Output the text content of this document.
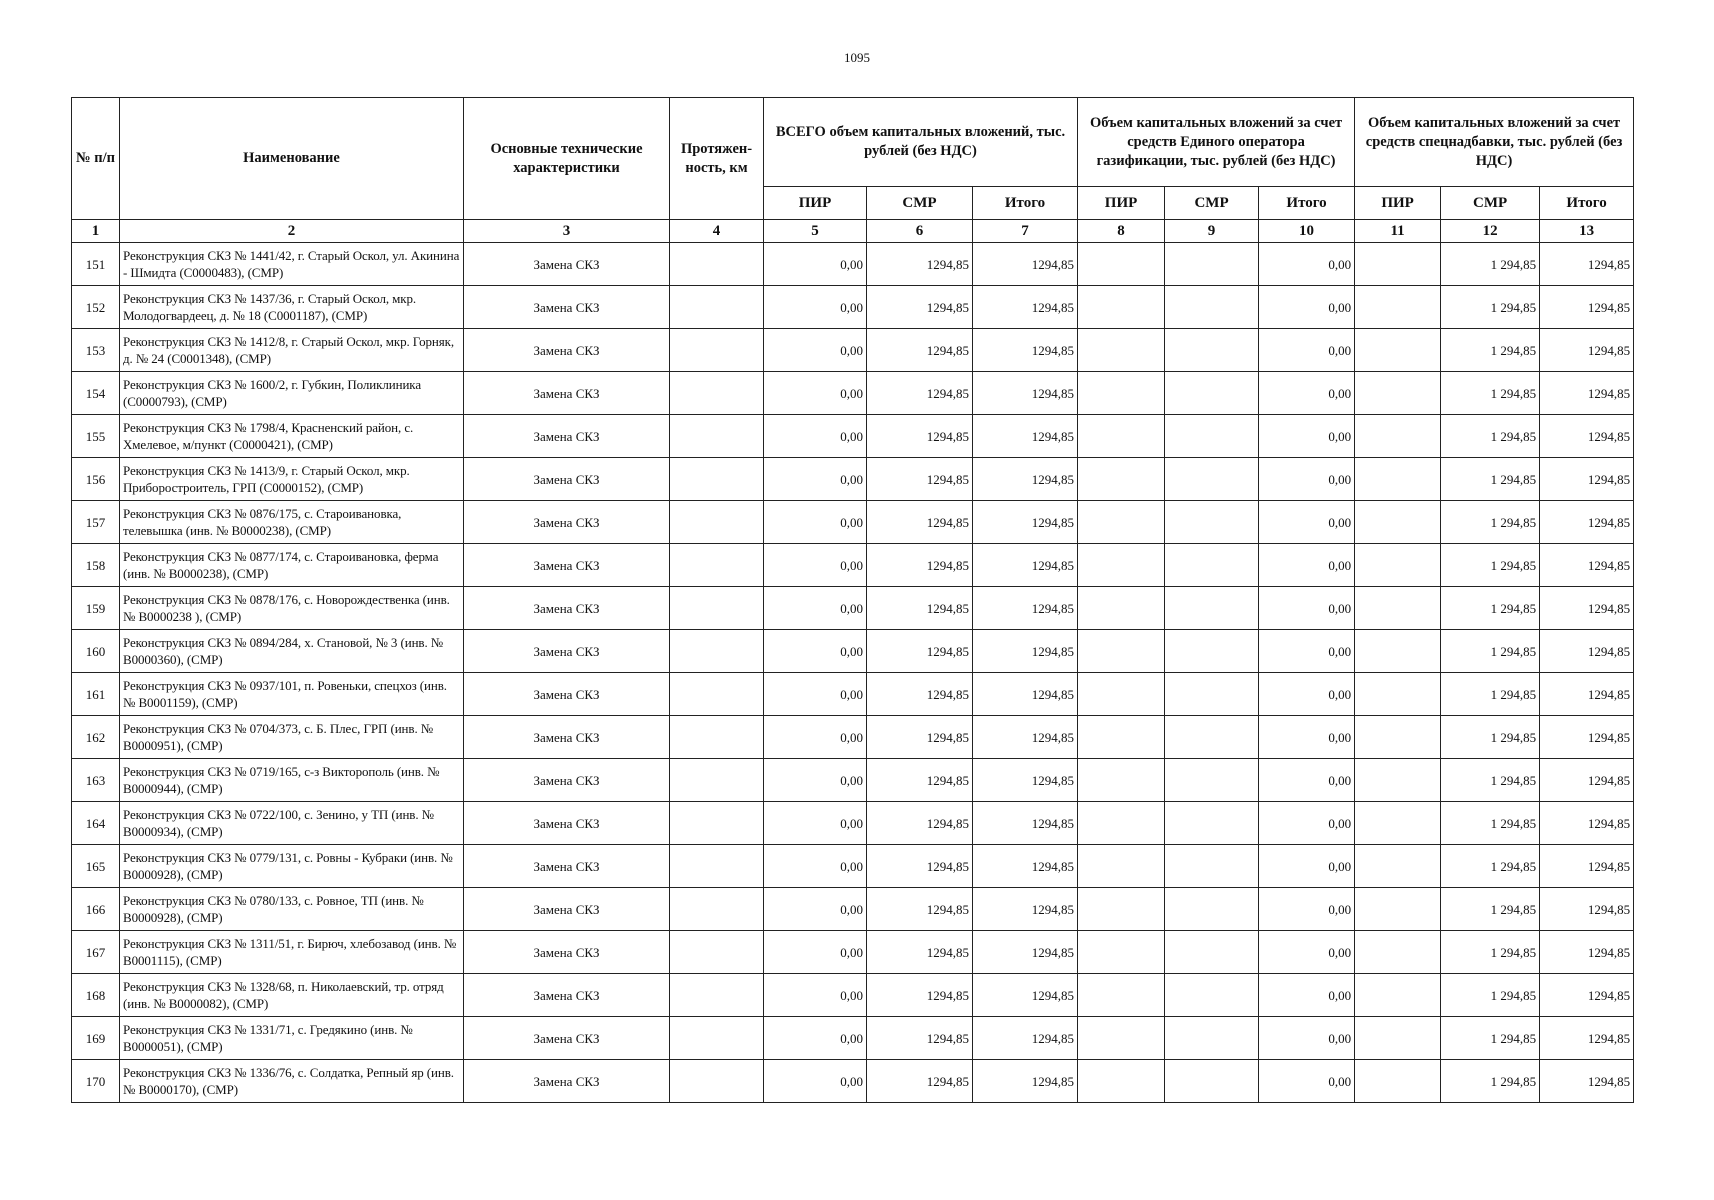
1095
№ п/п	Наименование	Основные технические характеристики	Протяжен-ность, км	ВСЕГО объем капитальных вложений, тыс. рублей (без НДС)			Объем капитальных вложений за счет средств Единого оператора газификации, тыс. рублей (без НДС)			Объем капитальных вложений за счет средств спецнадбавки, тыс. рублей (без НДС)		
				ПИР	СМР	Итого	ПИР	СМР	Итого	ПИР	СМР	Итого
1	2	3	4	5	6	7	8	9	10	11	12	13
151	Реконструкция СКЗ № 1441/42, г. Старый Оскол, ул. Акинина - Шмидта (С0000483), (СМР)	Замена СКЗ		0,00	1294,85	1294,85			0,00		1 294,85	1294,85
152	Реконструкция СКЗ № 1437/36, г. Старый Оскол, мкр. Молодогвардеец, д. № 18 (С0001187), (СМР)	Замена СКЗ		0,00	1294,85	1294,85			0,00		1 294,85	1294,85
153	Реконструкция СКЗ № 1412/8, г. Старый Оскол, мкр. Горняк, д. № 24 (С0001348), (СМР)	Замена СКЗ		0,00	1294,85	1294,85			0,00		1 294,85	1294,85
154	Реконструкция СКЗ № 1600/2, г. Губкин, Поликлиника (С0000793), (СМР)	Замена СКЗ		0,00	1294,85	1294,85			0,00		1 294,85	1294,85
155	Реконструкция СКЗ № 1798/4, Красненский район, с. Хмелевое, м/пункт (С0000421), (СМР)	Замена СКЗ		0,00	1294,85	1294,85			0,00		1 294,85	1294,85
156	Реконструкция СКЗ № 1413/9, г. Старый Оскол, мкр. Приборостроитель, ГРП (С0000152), (СМР)	Замена СКЗ		0,00	1294,85	1294,85			0,00		1 294,85	1294,85
157	Реконструкция СКЗ № 0876/175, с. Староивановка, телевышка (инв. № В0000238), (СМР)	Замена СКЗ		0,00	1294,85	1294,85			0,00		1 294,85	1294,85
158	Реконструкция СКЗ № 0877/174, с. Староивановка, ферма (инв. № В0000238), (СМР)	Замена СКЗ		0,00	1294,85	1294,85			0,00		1 294,85	1294,85
159	Реконструкция СКЗ № 0878/176, с. Новорождественка (инв. № В0000238 ), (СМР)	Замена СКЗ		0,00	1294,85	1294,85			0,00		1 294,85	1294,85
160	Реконструкция СКЗ № 0894/284, х. Становой, № 3 (инв. № В0000360), (СМР)	Замена СКЗ		0,00	1294,85	1294,85			0,00		1 294,85	1294,85
161	Реконструкция СКЗ № 0937/101, п. Ровеньки, спецхоз (инв. № В0001159), (СМР)	Замена СКЗ		0,00	1294,85	1294,85			0,00		1 294,85	1294,85
162	Реконструкция СКЗ № 0704/373, с. Б. Плес, ГРП (инв. № В0000951), (СМР)	Замена СКЗ		0,00	1294,85	1294,85			0,00		1 294,85	1294,85
163	Реконструкция СКЗ № 0719/165, с-з Викторополь (инв. № В0000944), (СМР)	Замена СКЗ		0,00	1294,85	1294,85			0,00		1 294,85	1294,85
164	Реконструкция СКЗ № 0722/100, с. Зенино, у ТП (инв. № В0000934), (СМР)	Замена СКЗ		0,00	1294,85	1294,85			0,00		1 294,85	1294,85
165	Реконструкция СКЗ № 0779/131, с. Ровны - Кубраки (инв. № В0000928), (СМР)	Замена СКЗ		0,00	1294,85	1294,85			0,00		1 294,85	1294,85
166	Реконструкция СКЗ № 0780/133, с. Ровное, ТП (инв. № В0000928), (СМР)	Замена СКЗ		0,00	1294,85	1294,85			0,00		1 294,85	1294,85
167	Реконструкция СКЗ № 1311/51, г. Бирюч, хлебозавод (инв. № В0001115), (СМР)	Замена СКЗ		0,00	1294,85	1294,85			0,00		1 294,85	1294,85
168	Реконструкция СКЗ № 1328/68, п. Николаевский, тр. отряд (инв. № В0000082), (СМР)	Замена СКЗ		0,00	1294,85	1294,85			0,00		1 294,85	1294,85
169	Реконструкция СКЗ № 1331/71, с. Гредякино (инв. № В0000051), (СМР)	Замена СКЗ		0,00	1294,85	1294,85			0,00		1 294,85	1294,85
170	Реконструкция СКЗ № 1336/76, с. Солдатка, Репный яр (инв. № В0000170), (СМР)	Замена СКЗ		0,00	1294,85	1294,85			0,00		1 294,85	1294,85
